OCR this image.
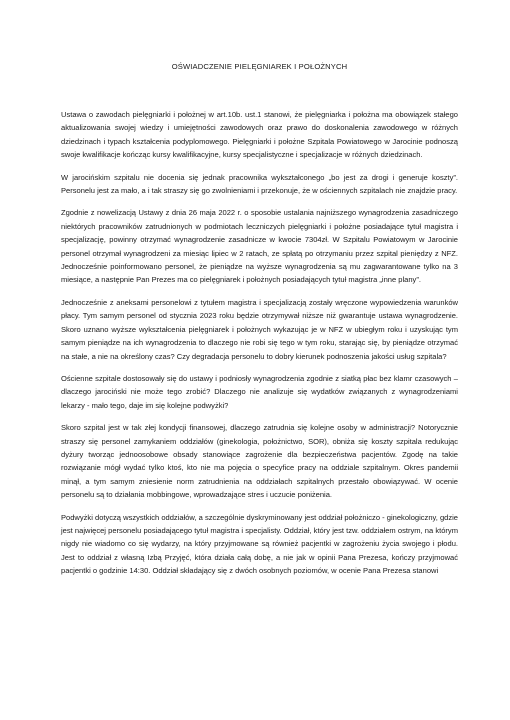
OŚWIADCZENIE PIELĘGNIAREK I POŁOŻNYCH

Ustawa o zawodach pielęgniarki i położnej w art.10b. ust.1 stanowi, że pielęgniarka i położna ma obowiązek stałego aktualizowania swojej wiedzy i umiejętności zawodowych oraz prawo do doskonalenia zawodowego w różnych dziedzinach i typach kształcenia podyplomowego. Pielęgniarki i położne Szpitala Powiatowego w Jarocinie podnoszą swoje kwalifikacje kończąc kursy kwalifikacyjne, kursy specjalistyczne i specjalizacje w różnych dziedzinach.

W jarocińskim szpitalu nie docenia się jednak pracownika wykształconego „bo jest za drogi i generuje koszty”. Personelu jest za mało, a i tak straszy się go zwolnieniami i przekonuje, że w ościennych szpitalach nie znajdzie pracy.

Zgodnie z nowelizacją Ustawy z dnia 26 maja 2022 r. o sposobie ustalania najniższego wynagrodzenia zasadniczego niektórych pracowników zatrudnionych w podmiotach leczniczych pielęgniarki i położne posiadające tytuł magistra i specjalizację, powinny otrzymać wynagrodzenie zasadnicze w kwocie 7304zł. W Szpitalu Powiatowym w Jarocinie personel otrzymał wynagrodzeni za miesiąc lipiec w 2 ratach, ze spłatą po otrzymaniu przez szpital pieniędzy z NFZ. Jednocześnie poinformowano personel, że pieniądze na wyższe wynagrodzenia są mu zagwarantowane tylko na 3 miesiące, a następnie Pan Prezes ma co pielęgniarek i położnych posiadających tytuł magistra „inne plany”.

Jednocześnie z aneksami personelowi z tytułem magistra i specjalizacją zostały wręczone wypowiedzenia warunków płacy. Tym samym personel od stycznia 2023 roku będzie otrzymywał niższe niż gwarantuje ustawa wynagrodzenie. Skoro uznano wyższe wykształcenia pielęgniarek i położnych wykazując je w NFZ w ubiegłym roku i uzyskując tym samym pieniądze na ich wynagrodzenia to dlaczego nie robi się tego w tym roku, starając się, by pieniądze otrzymać na stałe, a nie na określony czas? Czy degradacja personelu to dobry kierunek podnoszenia jakości usług szpitala?

Ościenne szpitale dostosowały się do ustawy i podniosły wynagrodzenia zgodnie z siatką płac bez klamr czasowych – dlaczego jarociński nie może tego zrobić? Dlaczego nie analizuje się wydatków związanych z wynagrodzeniami lekarzy - mało tego, daje im się kolejne podwyżki?

Skoro szpital jest w tak złej kondycji finansowej, dlaczego zatrudnia się kolejne osoby w administracji? Notorycznie straszy się personel zamykaniem oddziałów (ginekologia, położnictwo, SOR), obniża się koszty szpitala redukując dyżury tworząc jednoosobowe obsady stanowiące zagrożenie dla bezpieczeństwa pacjentów. Zgodę na takie rozwiązanie mógł wydać tylko ktoś, kto nie ma pojęcia o specyfice pracy na oddziale szpitalnym. Okres pandemii minął, a tym samym zniesienie norm zatrudnienia na oddziałach szpitalnych przestało obowiązywać. W ocenie personelu są to działania mobbingowe, wprowadzające stres i uczucie poniżenia.

Podwyżki dotyczą wszystkich oddziałów, a szczególnie dyskryminowany jest oddział położniczo - ginekologiczny, gdzie jest najwięcej personelu posiadającego tytuł magistra i specjalisty. Oddział, który jest tzw. oddziałem ostrym, na którym nigdy nie wiadomo co się wydarzy, na który przyjmowane są również pacjentki w zagrożeniu życia swojego i płodu. Jest to oddział z własną Izbą Przyjęć, która działa całą dobę, a nie jak w opinii Pana Prezesa, kończy przyjmować pacjentki o godzinie 14:30. Oddział składający się z dwóch osobnych poziomów, w ocenie Pana Prezesa stanowi
